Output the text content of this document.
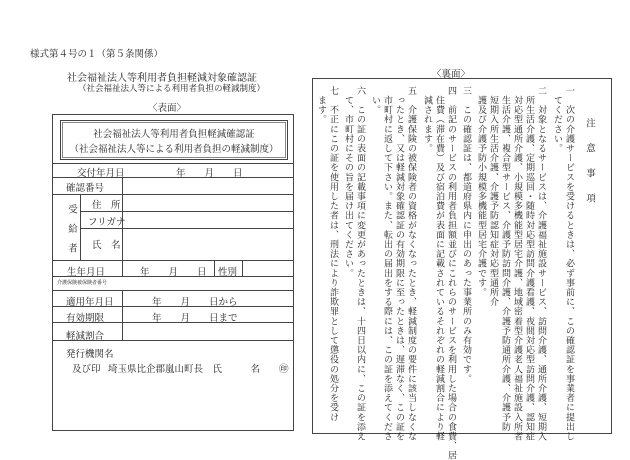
様式第４号の１（第５条関係）
社会福祉法人等利用者負担軽減対象確認証
（社会福祉法人等による利用者負担の軽減制度）
〈表面〉
社会福祉法人等利用者負担軽減確認証
（社会福祉法人等による利用者負担の軽減制度）
交付年月日	年　　月　　日
確認番号
受給者 住　所
フリガナ
氏　名
生年月日	年　　月　　日 性別
介護保険被保険者番号
適用年月日	年　　月　　日から
有効期限	年　　月　　日まで
軽減割合
発行機関名
及び印 埼玉県比企郡嵐山町長　氏　　　名　　㊞
〈裏面〉
注　意　事　項
一　次の介護サービスを受けるときは、必ず事前に、この確認証を事業者に提出し
　てください。
二　対象となるサービスは、介護福祉施設サービス、訪問介護、通所介護、短期入
　所生活介護、定期巡回・随時対応型訪問介護看護、夜間対応型訪問介護、認知症
　対応型通所介護、小規模多機能型居宅介護、地域密着型介護老人福祉施設入所者
　生活介護、複合型サービス、介護予防訪問介護、介護予防通所介護、介護予防
　短期入所生活介護、介護予防認知症対応型通所介
　護及び介護予防小規模多機能型居宅介護です。
三　この確認証は、都道府県内に申出のあった事業所のみ有効です。
四　前記のサービスの利用者負担額並びにこれらのサービスを利用した場合の食費、居
　住費（滞在費）及び宿泊費が表面に記載されているそれぞれの軽減割合により軽
　減されます。
五　介護保険の被保険者の資格がなくなったとき、軽減制度の要件に該当しなくな
　ったとき、又は軽減対象確認証の有効期限に至ったときは、遅滞なく、この証を
　市町村に返して下さい。また、転出の届出をする際には、この証を添えてくださ
　い。
六　この証の表面の記載事項に変更があったときは、十四日以内に、この証を添え
　て、市町村にその旨を届け出てください。
七　不正にこの証を使用した者は、刑法により詐欺罪として懲役の処分を受け
　ます。
